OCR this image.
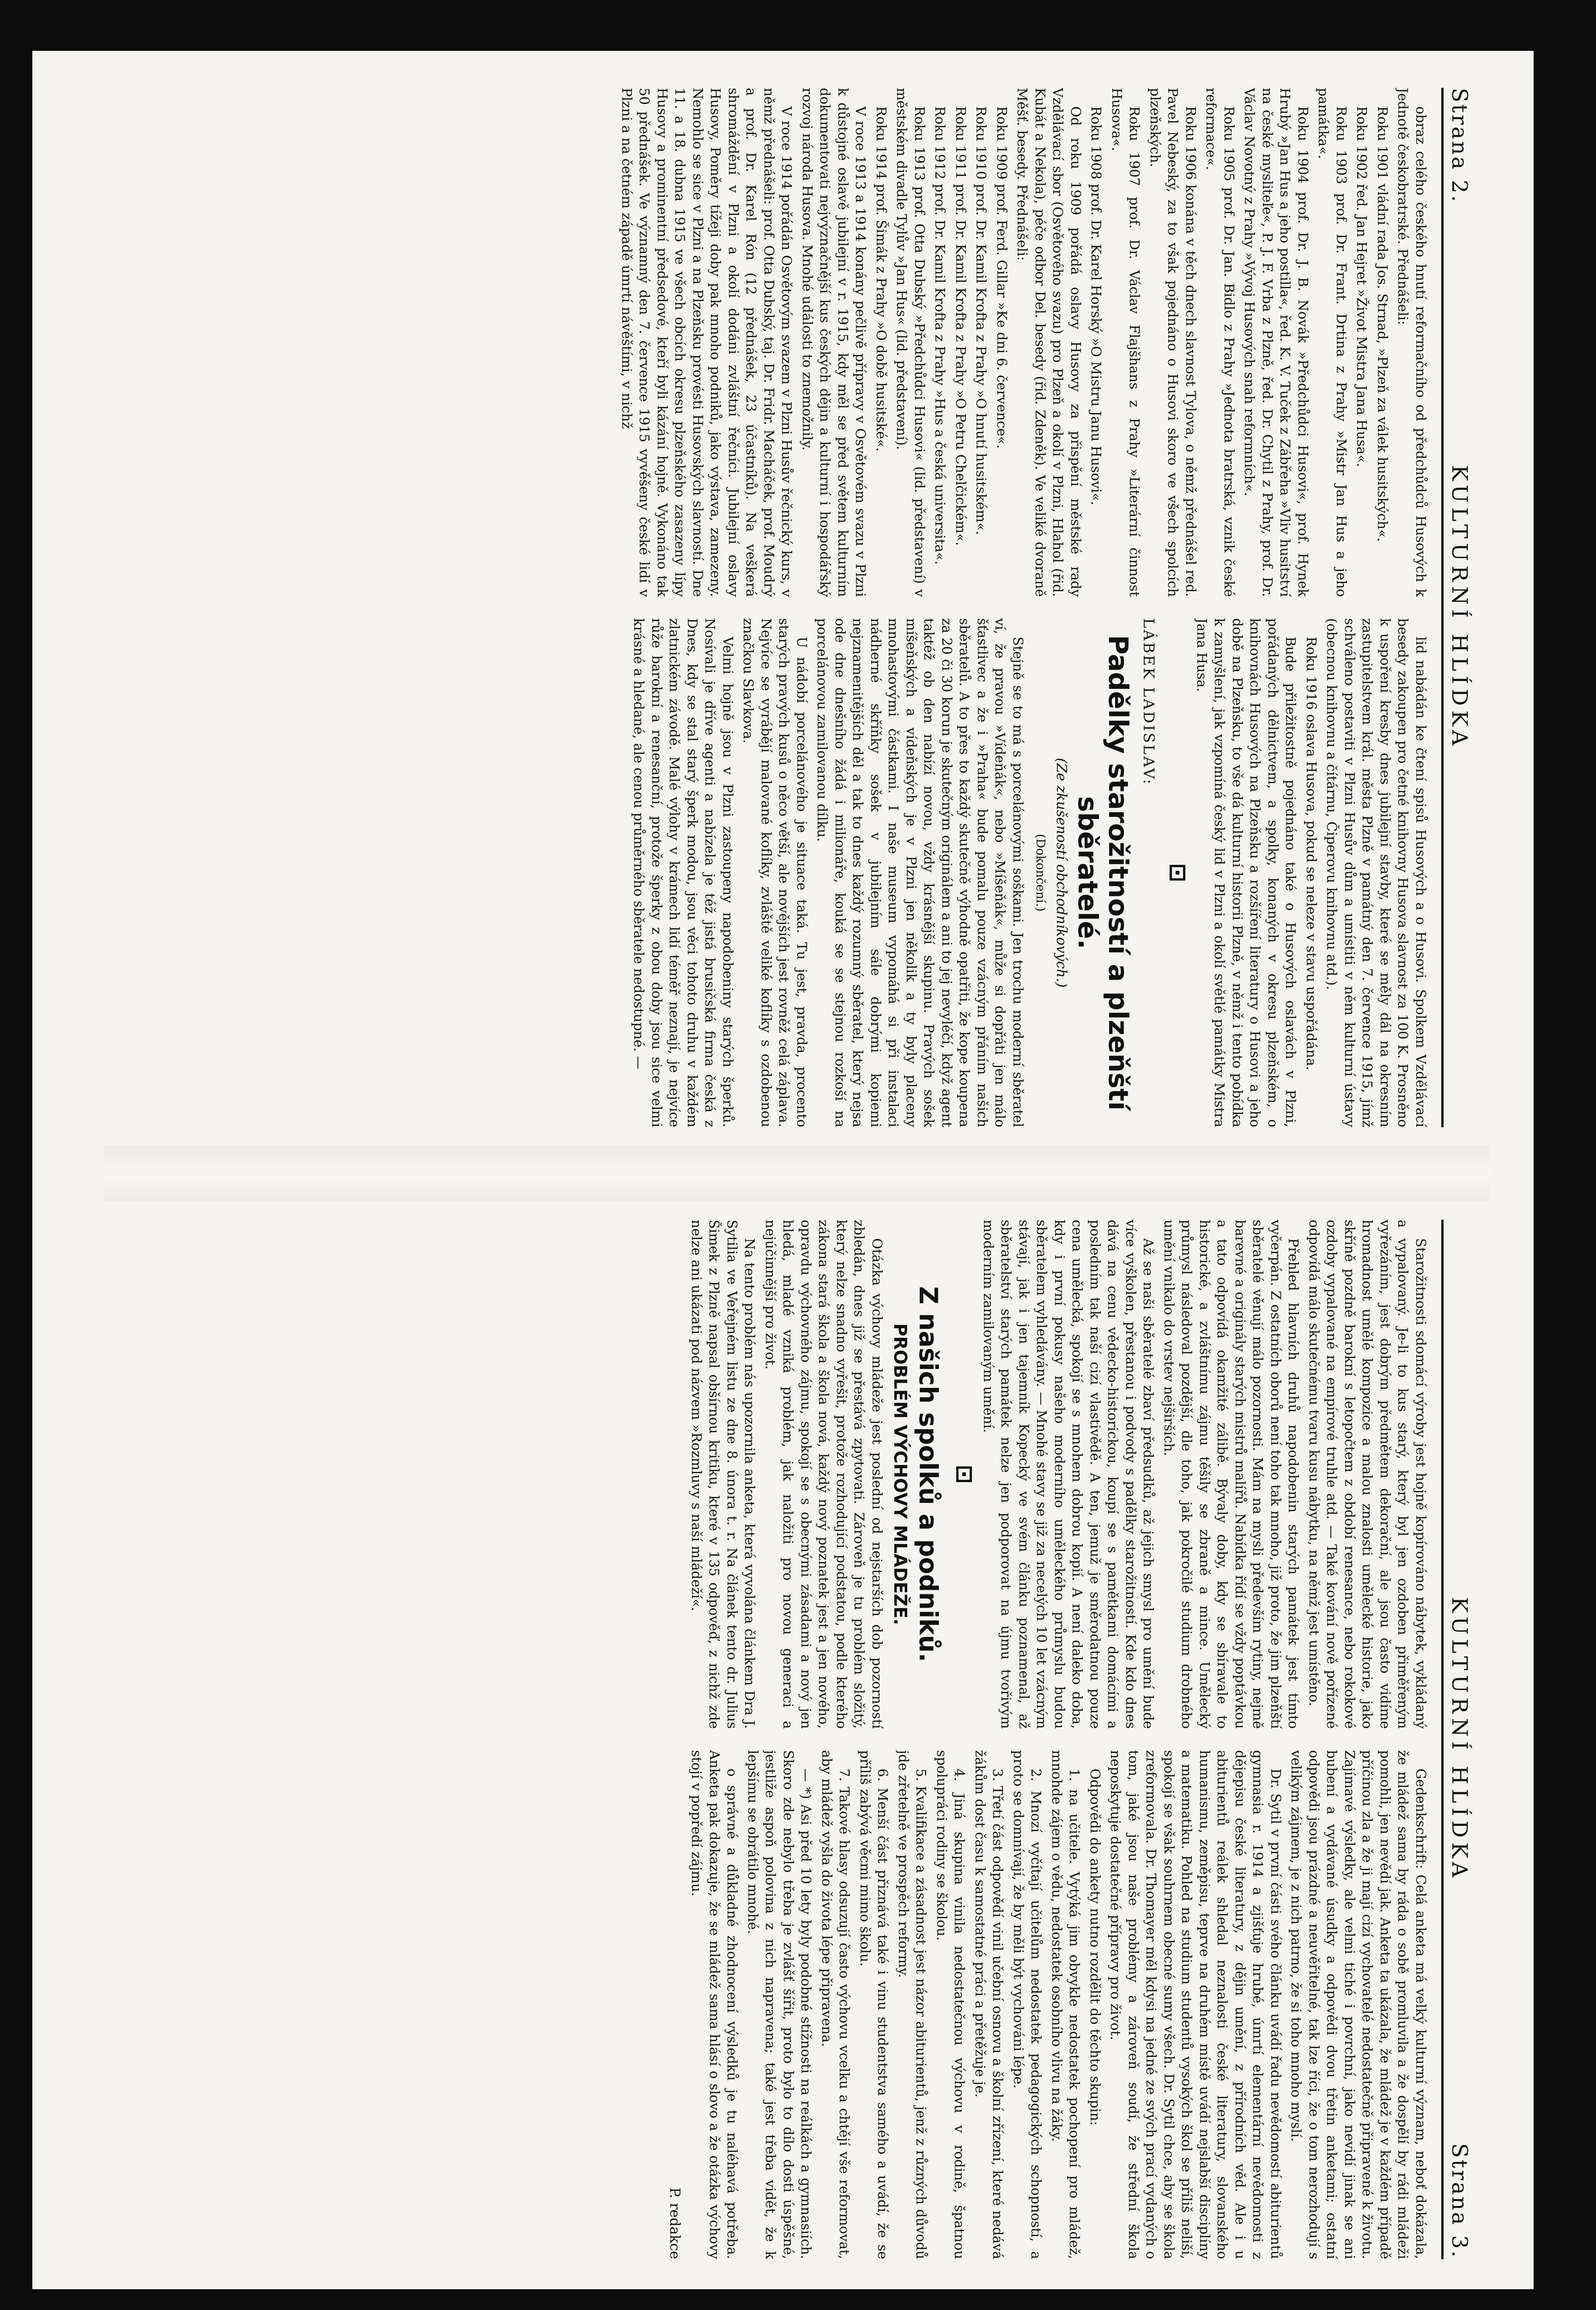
Strana 2.
KULTURNÍ HLÍDKA

obraz celého českého hnutí reformačního od předchůdců Husových k Jednotě českobratrské. Přednášeli:

Roku 1901 vládní rada Jos. Strnad, »Plzeň za válek husitských«.

Roku 1902 řed. Jan Hejret »Život Mistra Jana Husa«.

Roku 1903 prof. Dr. Frant. Drtina z Prahy »Mistr Jan Hus a jeho památka«.

Roku 1904 prof. Dr. J. B. Novák »Předchůdci Husovi«, prof. Hynek Hrubý »Jan Hus a jeho postilla«, řed. K. V. Tuček z Zábřeha »Vliv husitství na české mysliteľe«, P. J. F. Vrba z Plzně, řed. Dr. Chytil z Prahy, prof. Dr. Václav Novotný z Prahy »Vývoj Husových snah reformních«.

Roku 1905 prof. Dr. Jan. Bidlo z Prahy »Jednota bratrská, vznik české reformace«.

Roku 1906 konána v těch dnech slavnost Tylova, o němž přednášel red. Pavel Nebeský, za to však pojednáno o Husovi skoro ve všech spolcích plzeňských.

Roku 1907 prof. Dr. Václav Flajšhans z Prahy »Literární činnost Husova«.

Roku 1908 prof. Dr. Karel Horský »O Mistru Janu Husovi«.

Od roku 1909 pořádá oslavy Husovy za přispění městské rady Vzdělávací sbor (Osvětového svazu) pro Plzeň a okolí v Plzni, Hlahol (řid. Kubát a Nekola), péče odbor Del. besedy (řid. Zdeněk). Ve veliké dvoraně Měšť. besedy. Přednášeli:

Roku 1909 prof. Ferd. Gillar »Ke dni 6. července«.

Roku 1910 prof. Dr. Kamil Krofta z Prahy »O hnutí husitském«.

Roku 1911 prof. Dr. Kamil Krofta z Prahy »O Petru Chelčickém«.

Roku 1912 prof. Dr. Kamil Krofta z Prahy »Hus a česká universita«.

Roku 1913 prof. Otta Dubský »Předchůdci Husovi« (lid. představení) v městském divadle Tylův »Jan Hus« (lid. představení).

Roku 1914 prof. Šimák z Prahy »O době husitské«.

V roce 1913 a 1914 konány pečlivě přípravy v Osvětovém svazu v Plzni k důstojné oslavě jubilejní v r. 1915, kdy měl se před světem kulturním dokumentovati nejvýznačnější kus českých dějin a kulturní i hospodářský rozvoj národa Husova. Mnohé události to znemožnily.

V roce 1914 pořádán Osvětovým svazem v Plzni Husův řečnický kurs, v němž přednášeli: prof. Otta Dubský, taj. Dr. Fridr. Macháček, prof. Moudrý a prof. Dr. Karel Rón (12 přednášek, 23 účastníků). Na veškerá shromáždění v Plzni a okolí dodáni zvláštní řečníci. Jubilejní oslavy Husovy, Poměry tížeji doby pak mnoho podniků, jako výstava, zamezeny. Nemohlo se sice v Plzni a na Plzeňsku provésti Husovských slavností. Dne 11. a 18. dubna 1915 ve všech obcích okresu plzeňského zasazeny lípy Husovy a prominentní předsedové, kteří byli kázání hojně. Vykonáno tak 50 přednášek. Ve významný den 7. července 1915 vyvěšeny české lidí v Plzni a na četném západě úmrtí návěštími, v nichž

lid nabádán ke čtení spisů Husových a o Husovi. Spolkem Vzdělávací besedy zakoupen pro četné knihovny Husova slavnost za 100 K. Prosněno k uspoření kresby dnes jubilejní stavby, které se měly dál na okresním zastupitelstvem král. města Plzně v památný den 7. července 1915, jímž schváleno postaviti v Plzni Husův dům a umístiti v něm kulturní ústavy (obecnou knihovnu a čítárnu, Čiperovu knihovnu atd.).

Roku 1916 oslava Husova, pokud se neleze v stavu uspořádána.

Bude přiležitostně pojednáno také o Husových oslavách v Plzni, pořádaných dělnictvem, a spolky, konaných v okresu plzeňském, o knihovnách Husových na Plzeňsku a rozšíření literatury o Husovi a jeho době na Plzeňsku, to vše dá kulturní historii Plzně, v němž i tento pobídka k zamyšlení, jak vzpomíná český lid v Plzni a okolí světlé památky Mistra Jana Husa.

LÁBEK LADISLAV:
Padělky starožitností a plzeňští sběratelé.
(Ze zkušeností obchodníkových.)
(Dokončení.)

Stejně se to má s porcelánovými soškami. Jen trochu moderní sběratel ví, že pravou »Vídeňák«, nebo »Míšeňák«, může si dopřáti jen málo šťastlivec a že i »Praha« bude pomalu pouze vzácným přáním našich sběratelů. A to přes to každý skutečně výhodně opatřiti, že kope koupena za 20 či 30 korun je skutečným originálem a ani to jej nevyléčí, když agent taktéž ob den nabízí novou, vždy krásnější skupinu. Pravých sošek míšeňských a vídeňských je v Plzni jen několik a ty byly placeny mnohastovými částkami. I naše museum vypomáhá si při instalaci nádherné skříňky sošek v jubilejním sále dobrými kopiemi nejznamenitějších děl a tak to dnes každý rozumný sběratel, který nejsa ode dne dnešního žádá i milionáře, kouká se se stejnou rozkoší na porcelánovou zamilovanou dílku.

U nádobí porcelánového je situace taká. Tu jest, pravda, procento starých pravých kusů o něco větší, ale novějších jest rovněž celá záplava. Nejvíce se vyrábějí malované koflíky, zvláště veliké koflíky s ozdobenou značkou Slavkova.

Velmi hojně jsou v Plzni zastoupeny napodobeniny starých šperků. Nosívali je dříve agenti a nabízela je též jistá brusičská firma česká z Dnes, kdy se stal starý šperk modou, jsou věci tohoto druhu v každém zlatnickém závodě. Malé výlohy v krámech lidí téměř neznají, je nejvíce růže barokní a renesanční, protože šperky z obou doby jsou sice velmi krásné a hledané, ale cenou průměrného sběratele nedostupné. —

KULTURNÍ HLÍDKA
Strana 3.

Starožitnosti sdomácí výroby jest hojně kopírováno nábytek, vykládaný a vypalovaný. Je-li to kus starý, který byl jen ozdoben přiměřeným vyřezáním, jest dobrým předmětem dekorační, ale jsou často vidíme hromadnost umělé kompozice a malou znalosti umělecké historie, jako skříně pozdně barokní s letopočtem z období renesance, nebo rokokové ozdoby vypalované na empírové truhle atd. — Také kování nově pořízené odpovídá málo skutečnému tvaru kusu nábytku, na němž jest umístěno.

Přehled hlavních druhů napodobenin starých památek jest tímto vyčerpán. Z ostatních oborů není toho tak mnoho, již proto, že jim plzeňští sběratelé věnují málo pozornosti. Mám na mysli především rytiny, nejmě barevné a originály starých mistrů malířů. Nabídka řídí se vždy poptávkou a tato odpovídá okamžité zálibě. Bývaly doby, kdy se sbíravale to historické, a zvláštnímu zájmu těšily se zbraně a mince. Umělecký průmysl následoval pozdější, dle toho, jak pokročilé studium drobného umění vnikalo do vrstev nejširších.

Až se naši sběratelé zbaví předsudků, až jejich smysl pro umění bude více vyškolen, přestanou i podvody s padělky starožitností. Kde kdo dnes dává na cenu vědecko-historickou, koupí se s pamětkami domácími a posledním tak naší cizí vlastivědě. A ten, jemuž je směrodatnou pouze cena umělecká, spokojí se s mnohem dobrou kopií. A není daleko doba, kdy i první pokusy našeho moderního uměleckého průmyslu budou sběratelem vyhledávány. — Mnohé stavy se již za necelých 10 let vzácným stávají, jak i jen tajemník Kopecký ve svém článku poznamenal, až sběratelství starých památek nelze jen podporovat na újmu tvořivým moderním zamilovaným umění.

Z našich spolků a podniků.
PROBLÉM VÝCHOVY MLÁDEŽE.

Otázka výchovy mládeže jest poslední od nejstarších dob pozorností zbledán, dnes již se přestává zpytovati. Zároveň je tu problém složitý, který nelze snadno vyřešit, protože rozhodující podstatou, podle kterého zákona stará škola a škola nová, každý nový poznatek jest a jen nového, opravdu výchovného zájmu, spokojí se s obecnými zásadami a nový jen hledá, mladé vzniká problém, jak naložiti pro novou generaci a nejúčinnější pro život.

Na tento problém nás upozornila anketa, která vyvolána článkem Dra J. Sytilia ve Veřejném listu ze dne 8. února t. r. Na článek tento dr. Julius Šimek z Plzně napsal obšírnou kritiku, které v 135 odpověď, z nichž zde nelze ani ukázati pod názvem »Rozmluvy s naší mládeží«.

Gedenkschrift: Celá anketa má velký kulturní význam, neboť dokázala, že mládež sama by ráda o sobě promluvila a že dospělí by rádi mládeži pomohli, jen nevědí jak. Anketa ta ukázala, že mládež je v každém případě příčinou zla a že ji mají cizí vychovatelé nedostatečně připravené k životu. Zajímavé výsledky, ale velmi tiché i povrchní, jako nevidí jinak se ani bubení a vydávané úsudky a odpovědi dvou třetin anketami; ostatní odpovědi jsou prázdné a neuvěřitelné, tak lze říci, že o tom nerozhodují s velikým zájmem, je z nich patrno, že si toho mnoho myslí.

Dr. Sytil v první části svého článku uvádí řadu nevědomostí abiturientů gymnasia r. 1914 a zjišťuje hrubé, úmrtí elementární nevědomosti z dějepisu české literatury, z dějin umění, z přírodních věd. Ale i u abiturientů reálek shledal neznalosti české literatury, slovanského humanismu, zeměpisu, teprve na druhém místě uvádí nejslabší disciplíny a matematiku. Pohled na studium studentů vysokých škol se příliš neliší, spokojí se však souhrnem obecné sumy všech. Dr. Sytil chce, aby se škola zreformovala. Dr. Thomayer měl kdysi na jedné ze svých prací vydaných o tom, jaké jsou naše problémy a zároveň soudí, že střední škola neposkytuje dostatečné přípravy pro život.

Odpovědi do ankety nutno rozdělit do těchto skupin:

1. na učitele. Vytýká jim obvykle nedostatek pochopení pro mládež, mnohde zájem o vědu, nedostatek osobního vlivu na žáky.

2. Mnozí vyčítají učitelům nedostatek pedagogických schopností, a proto se domnívají, že by měli být vychováni lépe.

3. Třetí část odpovědí vinil učební osnovu a školní zřízení, které nedává žákům dost času k samostatné práci a přetěžuje je.

4. Jiná skupina vinila nedostatečnou výchovu v rodině, špatnou spolupráci rodiny se školou.

5. Kvalifikace a zásadnost jest názor abiturientů, jenž z různých důvodů jde zřetelně ve prospěch reformy.

6. Menší část přiznává také i vinu studentstva samého a uvádí, že se příliš zabývá věcmi mimo školu.

7. Takové hlasy odsuzují často výchovu vcelku a chtějí vše reformovat, aby mládež vyšla do života lépe připravena.

— *) Asi před 10 lety byly podobné stížnosti na reálkách a gymnasiích. Skoro zde nebylo třeba je zvlášť šířit, proto bylo to dílo dosti úspěšné, jestliže aspoň polovina z nich napravena; také jest třeba vidět, že k lepšímu se obrátilo mnohé.

o správné a důkladné zhodnocení výsledků je tu naléhavá potřeba. Anketa pak dokazuje, že se mládež sama hlásí o slovo a že otázka výchovy stojí v popředí zájmu.

P. redakce
